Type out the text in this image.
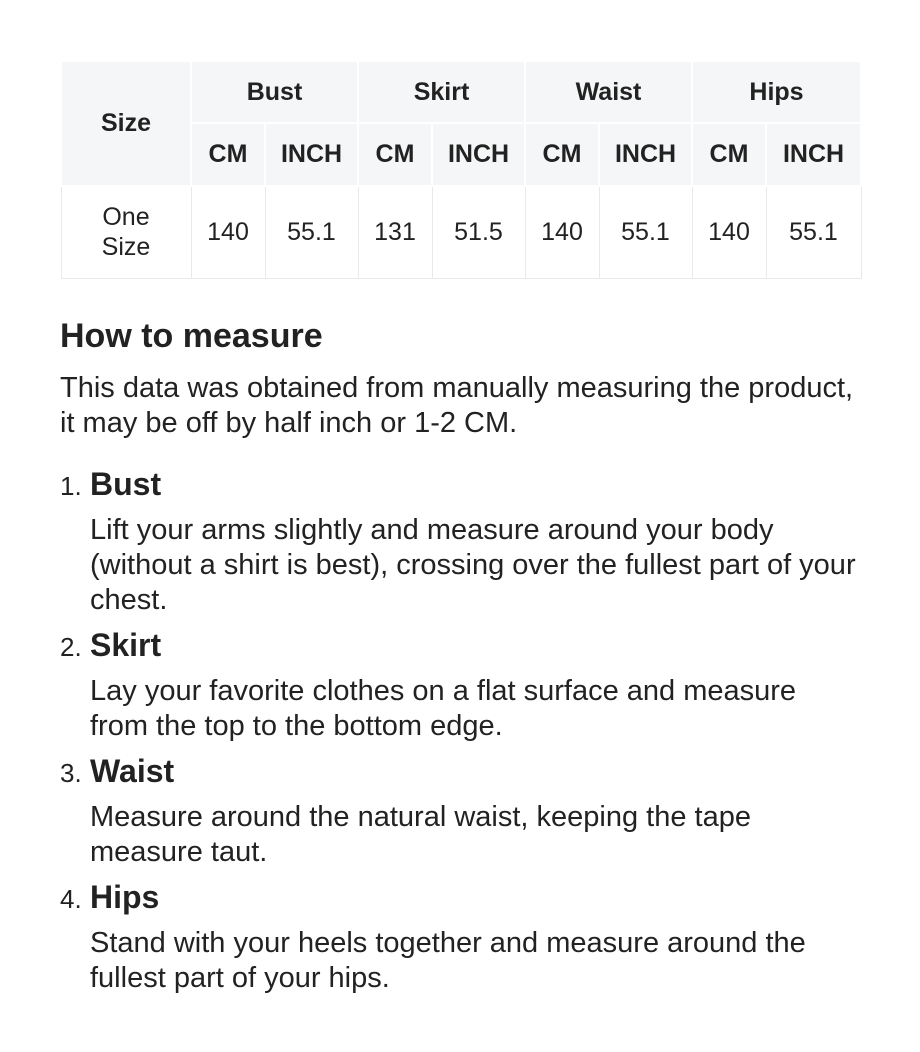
Size	Bust		Skirt		Waist		Hips	
	CM	INCH	CM	INCH	CM	INCH	CM	INCH
One Size	140	55.1	131	51.5	140	55.1	140	55.1
How to measure

This data was obtained from manually measuring the product, it may be off by half inch or 1-2 CM.

1. Bust

Lift your arms slightly and measure around your body (without a shirt is best), crossing over the fullest part of your chest.

2. Skirt

Lay your favorite clothes on a flat surface and measure from the top to the bottom edge.

3. Waist

Measure around the natural waist, keeping the tape measure taut.

4. Hips

Stand with your heels together and measure around the fullest part of your hips.
